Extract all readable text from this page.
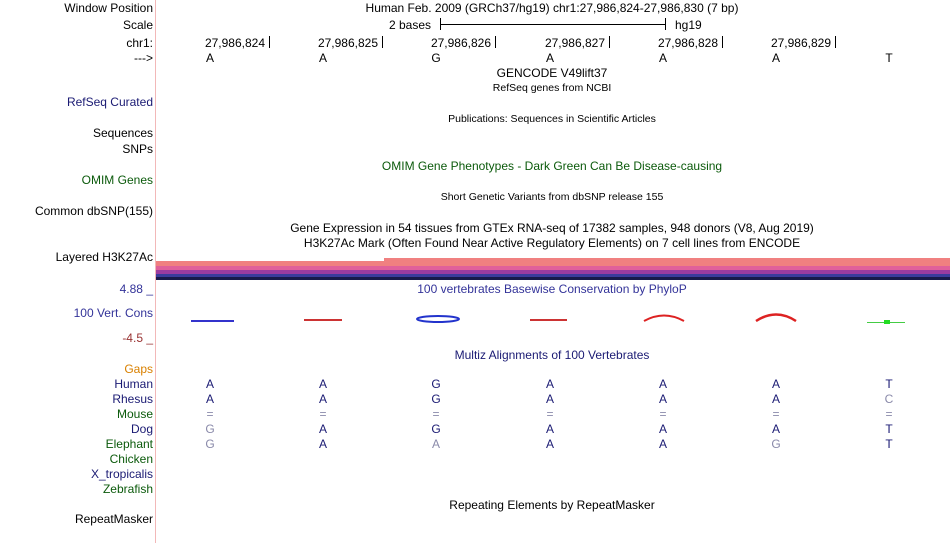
Window Position	Human Feb. 2009 (GRCh37/hg19) chr1:27,986,824-27,986,830 (7 bp)
Scale	2 bases	hg19
chr1:	27,986,824	27,986,825	27,986,826	27,986,827	27,986,828	27,986,829
--->	A	A	G	A	A	A	T
GENCODE V49lift37
RefSeq genes from NCBI
RefSeq Curated
Publications: Sequences in Scientific Articles
Sequences
SNPs
OMIM Gene Phenotypes - Dark Green Can Be Disease-causing
OMIM Genes
Short Genetic Variants from dbSNP release 155
Common dbSNP(155)
Gene Expression in 54 tissues from GTEx RNA-seq of 17382 samples, 948 donors (V8, Aug 2019)
H3K27Ac Mark (Often Found Near Active Regulatory Elements) on 7 cell lines from ENCODE
Layered H3K27Ac
4.88 _	100 vertebrates Basewise Conservation by PhyloP
100 Vert. Cons
-4.5 _
Multiz Alignments of 100 Vertebrates
Gaps
Human	A	A	G	A	A	A	T
Rhesus	A	A	G	A	A	A	C
Mouse	=	=	=	=	=	=	=
Dog	G	A	G	A	A	A	T
Elephant	G	A	A	A	A	G	T
Chicken
X_tropicalis
Zebrafish
Repeating Elements by RepeatMasker
RepeatMasker
